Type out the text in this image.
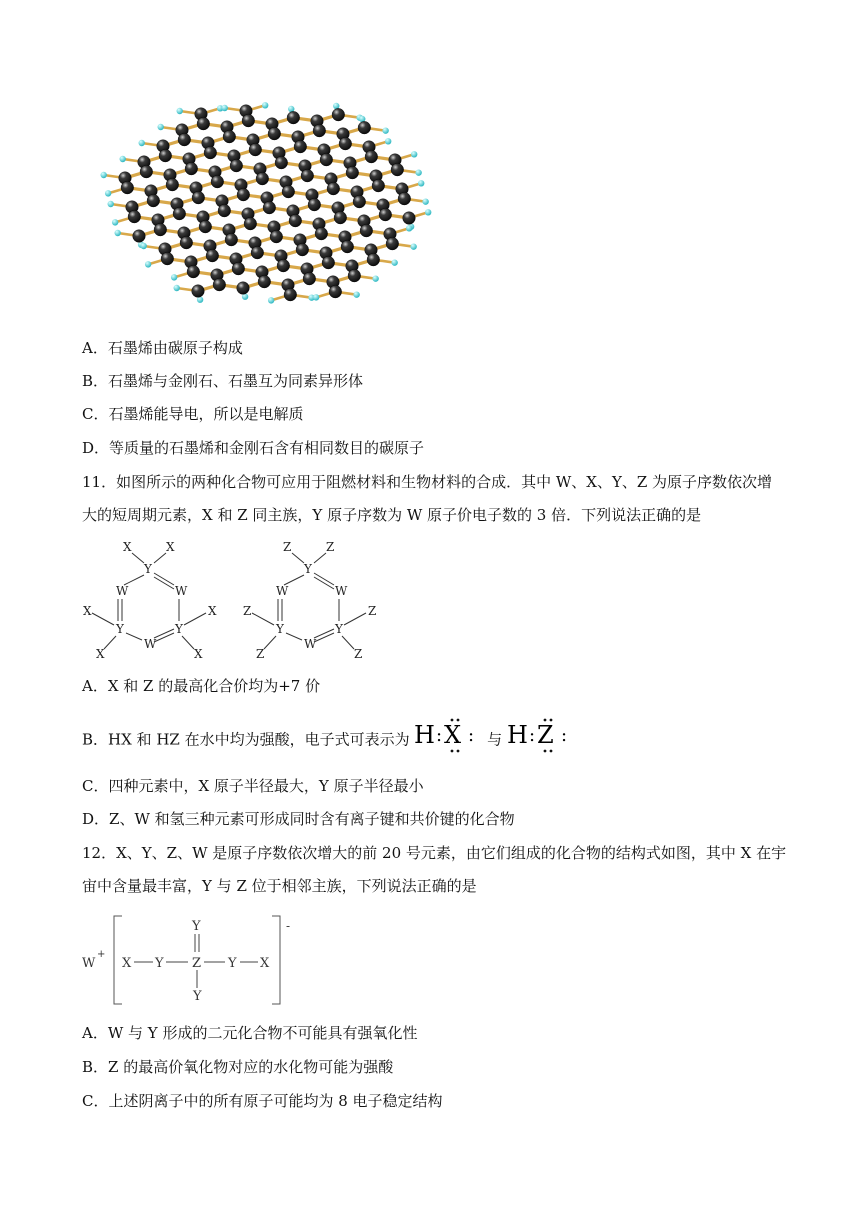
A．石墨烯由碳原子构成
B．石墨烯与金刚石、石墨互为同素异形体
C．石墨烯能导电，所以是电解质
D．等质量的石墨烯和金刚石含有相同数目的碳原子
11．如图所示的两种化合物可应用于阻燃材料和生物材料的合成．其中 W、X、Y、Z 为原子序数依次增
大的短周期元素，X 和 Z 同主族，Y 原子序数为 W 原子价电子数的 3 倍．下列说法正确的是
X	X
Y
W	W
X	X
Y
W
Y
X	X
Z	Z
Y
W	W
Z	Z
Y
W
Y
Z	Z
A．X 和 Z 的最高化合价均为+7 价
B．HX 和 HZ 在水中均为强酸，电子式可表示为 H : X : 与 H : Z :
C．四种元素中，X 原子半径最大，Y 原子半径最小
D．Z、W 和氢三种元素可形成同时含有离子键和共价键的化合物
12．X、Y、Z、W 是原子序数依次增大的前 20 号元素，由它们组成的化合物的结构式如图，其中 X 在宇
宙中含量最丰富，Y 与 Z 位于相邻主族，下列说法正确的是
W
+
-
X Y Z Y X
Y
Y
A．W 与 Y 形成的二元化合物不可能具有强氧化性
B．Z 的最高价氧化物对应的水化物可能为强酸
C．上述阴离子中的所有原子可能均为 8 电子稳定结构
